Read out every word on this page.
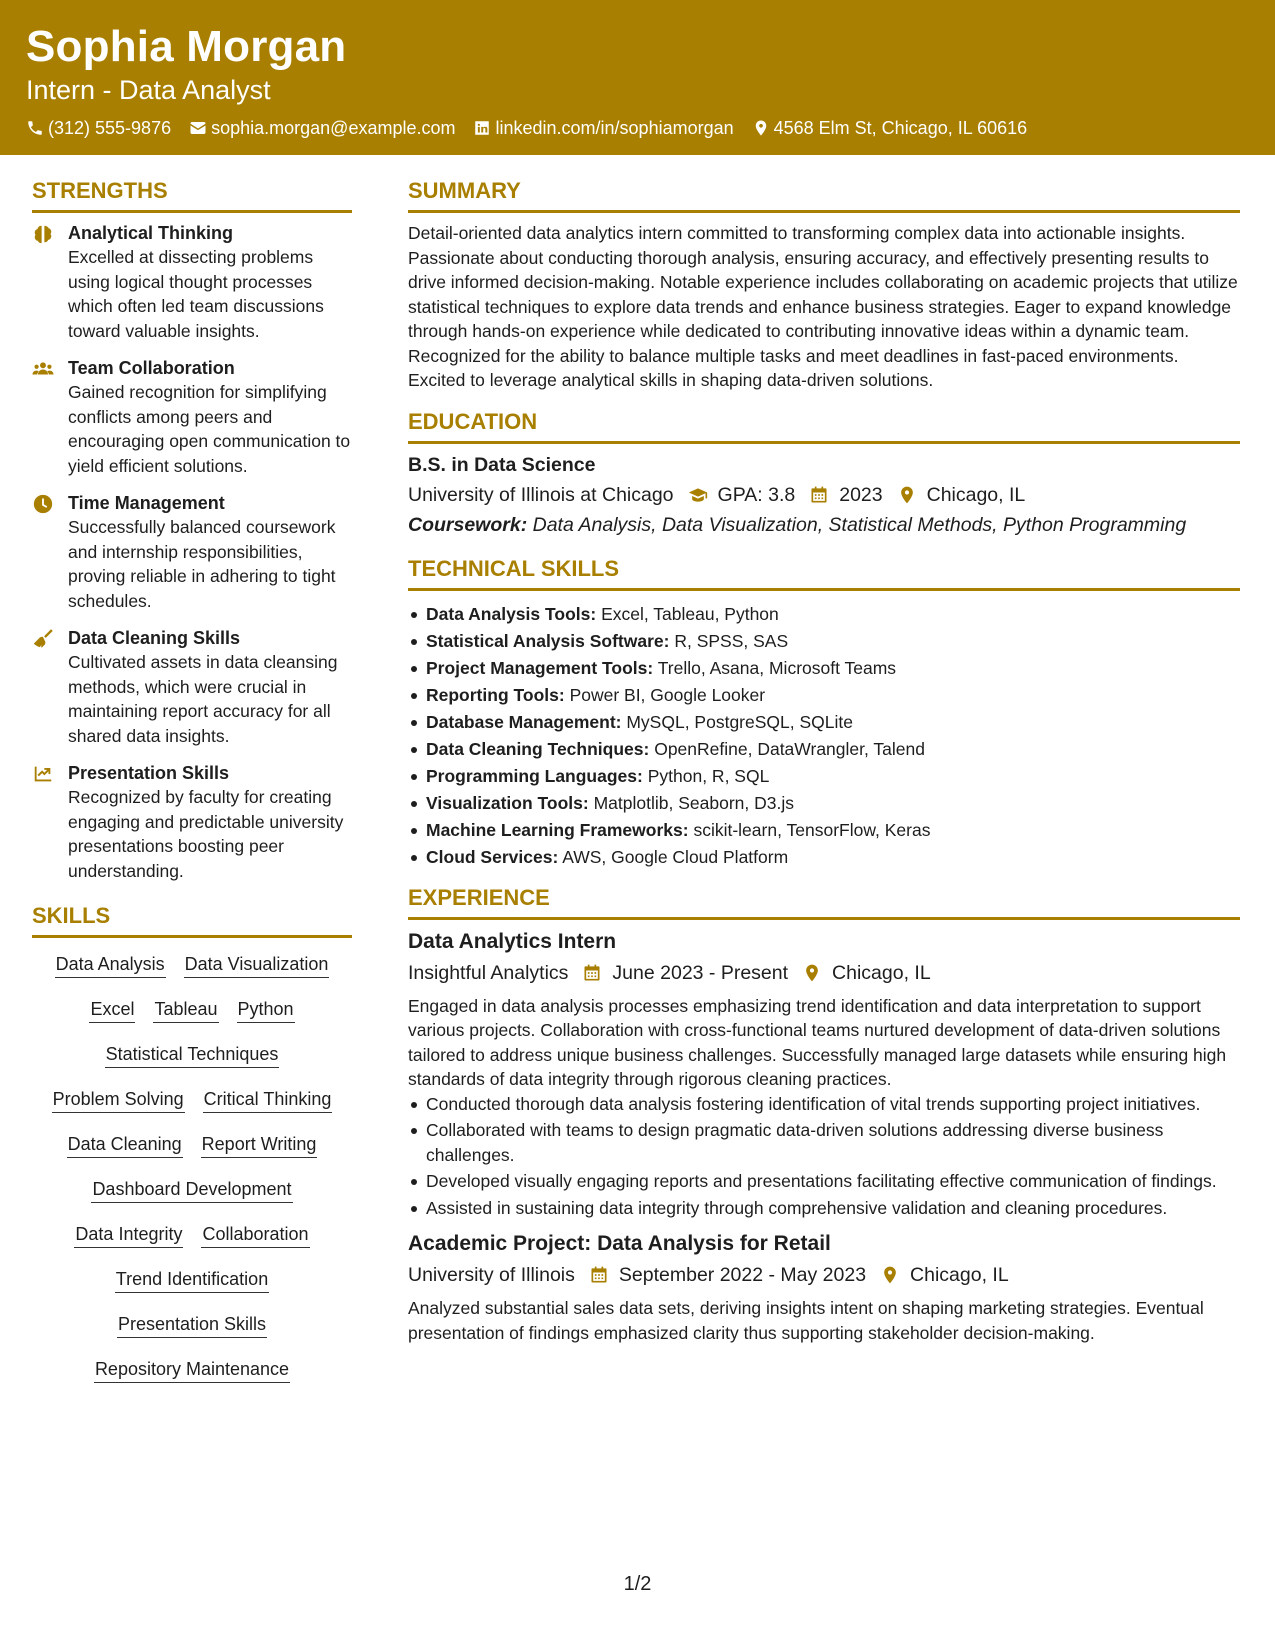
Sophia Morgan
Intern - Data Analyst
(312) 555-9876 sophia.morgan@example.com linkedin.com/in/sophiamorgan 4568 Elm St, Chicago, IL 60616
STRENGTHS
Analytical Thinking
Excelled at dissecting problems using logical thought processes which often led team discussions toward valuable insights.
Team Collaboration
Gained recognition for simplifying conflicts among peers and encouraging open communication to yield efficient solutions.
Time Management
Successfully balanced coursework and internship responsibilities, proving reliable in adhering to tight schedules.
Data Cleaning Skills
Cultivated assets in data cleansing methods, which were crucial in maintaining report accuracy for all shared data insights.
Presentation Skills
Recognized by faculty for creating engaging and predictable university presentations boosting peer understanding.
SKILLS
Data Analysis Data Visualization
Excel Tableau Python
Statistical Techniques
Problem Solving Critical Thinking
Data Cleaning Report Writing
Dashboard Development
Data Integrity Collaboration
Trend Identification
Presentation Skills
Repository Maintenance
SUMMARY

Detail-oriented data analytics intern committed to transforming complex data into actionable insights. Passionate about conducting thorough analysis, ensuring accuracy, and effectively presenting results to drive informed decision-making. Notable experience includes collaborating on academic projects that utilize statistical techniques to explore data trends and enhance business strategies. Eager to expand knowledge through hands-on experience while dedicated to contributing innovative ideas within a dynamic team. Recognized for the ability to balance multiple tasks and meet deadlines in fast-paced environments. Excited to leverage analytical skills in shaping data-driven solutions.

EDUCATION
B.S. in Data Science
University of Illinois at Chicago GPA: 3.8 2023 Chicago, IL
Coursework: Data Analysis, Data Visualization, Statistical Methods, Python Programming
TECHNICAL SKILLS
Data Analysis Tools: Excel, Tableau, Python
Statistical Analysis Software: R, SPSS, SAS
Project Management Tools: Trello, Asana, Microsoft Teams
Reporting Tools: Power BI, Google Looker
Database Management: MySQL, PostgreSQL, SQLite
Data Cleaning Techniques: OpenRefine, DataWrangler, Talend
Programming Languages: Python, R, SQL
Visualization Tools: Matplotlib, Seaborn, D3.js
Machine Learning Frameworks: scikit-learn, TensorFlow, Keras
Cloud Services: AWS, Google Cloud Platform
EXPERIENCE
Data Analytics Intern
Insightful Analytics June 2023 - Present Chicago, IL

Engaged in data analysis processes emphasizing trend identification and data interpretation to support various projects. Collaboration with cross-functional teams nurtured development of data-driven solutions tailored to address unique business challenges. Successfully managed large datasets while ensuring high standards of data integrity through rigorous cleaning practices.

Conducted thorough data analysis fostering identification of vital trends supporting project initiatives.
Collaborated with teams to design pragmatic data-driven solutions addressing diverse business challenges.
Developed visually engaging reports and presentations facilitating effective communication of findings.
Assisted in sustaining data integrity through comprehensive validation and cleaning procedures.
Academic Project: Data Analysis for Retail
University of Illinois September 2022 - May 2023 Chicago, IL

Analyzed substantial sales data sets, deriving insights intent on shaping marketing strategies. Eventual presentation of findings emphasized clarity thus supporting stakeholder decision-making.

1/2
